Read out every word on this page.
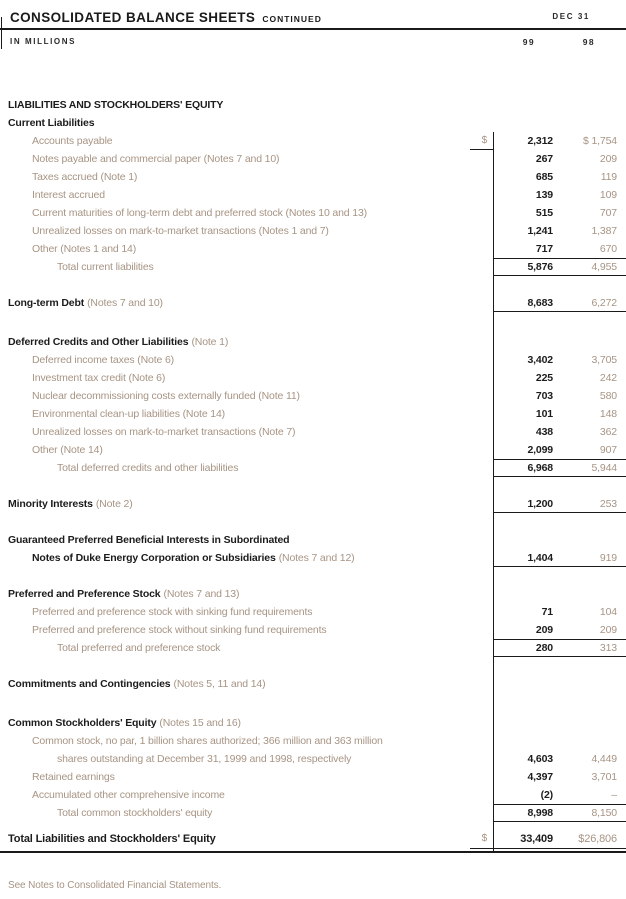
CONSOLIDATED BALANCE SHEETS CONTINUED	DEC 31
IN MILLIONS	99	98
LIABILITIES AND STOCKHOLDERS' EQUITY
Current Liabilities
Accounts payable	$	2,312	$ 1,754
Notes payable and commercial paper (Notes 7 and 10)	267	209
Taxes accrued (Note 1)	685	119
Interest accrued	139	109
Current maturities of long-term debt and preferred stock (Notes 10 and 13)	515	707
Unrealized losses on mark-to-market transactions (Notes 1 and 7)	1,241	1,387
Other (Notes 1 and 14)	717	670
Total current liabilities	5,876	4,955
Long-term Debt (Notes 7 and 10)	8,683	6,272
Deferred Credits and Other Liabilities (Note 1)
Deferred income taxes (Note 6)	3,402	3,705
Investment tax credit (Note 6)	225	242
Nuclear decommissioning costs externally funded (Note 11)	703	580
Environmental clean-up liabilities (Note 14)	101	148
Unrealized losses on mark-to-market transactions (Note 7)	438	362
Other (Note 14)	2,099	907
Total deferred credits and other liabilities	6,968	5,944
Minority Interests (Note 2)	1,200	253
Guaranteed Preferred Beneficial Interests in Subordinated
Notes of Duke Energy Corporation or Subsidiaries (Notes 7 and 12)	1,404	919
Preferred and Preference Stock (Notes 7 and 13)
Preferred and preference stock with sinking fund requirements	71	104
Preferred and preference stock without sinking fund requirements	209	209
Total preferred and preference stock	280	313
Commitments and Contingencies (Notes 5, 11 and 14)
Common Stockholders' Equity (Notes 15 and 16)
Common stock, no par, 1 billion shares authorized; 366 million and 363 million
shares outstanding at December 31, 1999 and 1998, respectively	4,603	4,449
Retained earnings	4,397	3,701
Accumulated other comprehensive income	(2)	–
Total common stockholders' equity	8,998	8,150
Total Liabilities and Stockholders' Equity	$	33,409	$26,806
See Notes to Consolidated Financial Statements.
